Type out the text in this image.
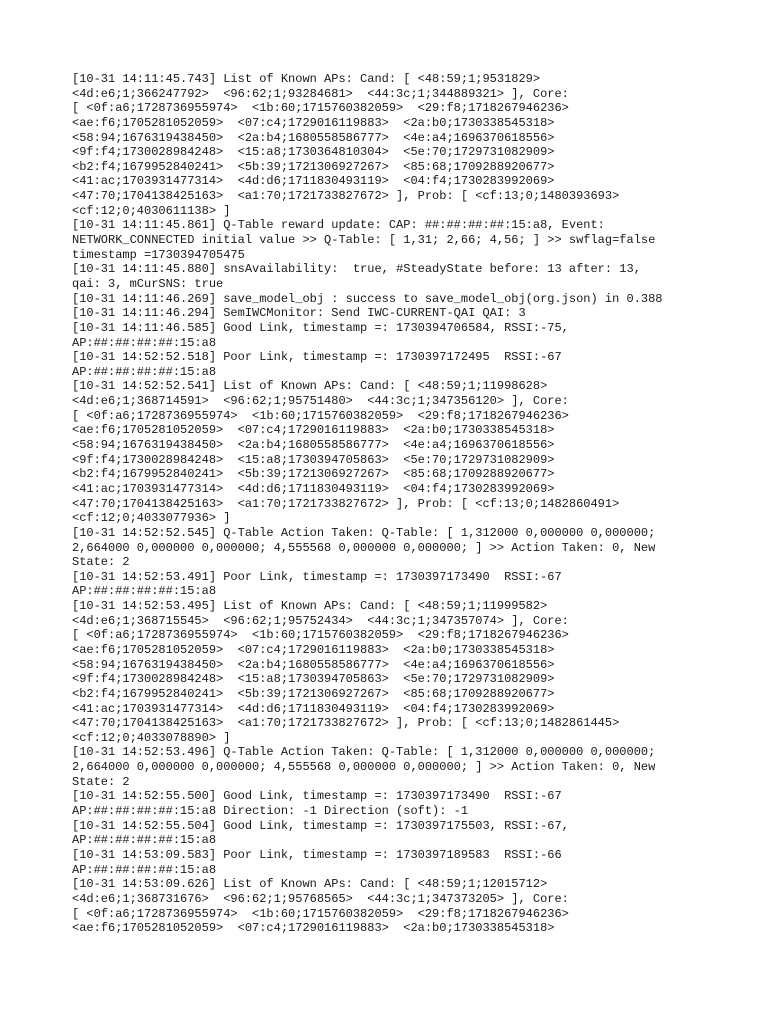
[10-31 14:11:45.743] List of Known APs: Cand: [ <48:59;1;9531829>
<4d:e6;1;366247792>  <96:62;1;93284681>  <44:3c;1;344889321> ], Core:
[ <0f:a6;1728736955974>  <1b:60;1715760382059>  <29:f8;1718267946236>
<ae:f6;1705281052059>  <07:c4;1729016119883>  <2a:b0;1730338545318>
<58:94;1676319438450>  <2a:b4;1680558586777>  <4e:a4;1696370618556>
<9f:f4;1730028984248>  <15:a8;1730364810304>  <5e:70;1729731082909>
<b2:f4;1679952840241>  <5b:39;1721306927267>  <85:68;1709288920677>
<41:ac;1703931477314>  <4d:d6;1711830493119>  <04:f4;1730283992069>
<47:70;1704138425163>  <a1:70;1721733827672> ], Prob: [ <cf:13;0;1480393693>
<cf:12;0;4030611138> ]
[10-31 14:11:45.861] Q-Table reward update: CAP: ##:##:##:##:15:a8, Event:
NETWORK_CONNECTED initial value >> Q-Table: [ 1,31; 2,66; 4,56; ] >> swflag=false
timestamp =1730394705475
[10-31 14:11:45.880] snsAvailability:  true, #SteadyState before: 13 after: 13,
qai: 3, mCurSNS: true
[10-31 14:11:46.269] save_model_obj : success to save_model_obj(org.json) in 0.388
[10-31 14:11:46.294] SemIWCMonitor: Send IWC-CURRENT-QAI QAI: 3
[10-31 14:11:46.585] Good Link, timestamp =: 1730394706584, RSSI:-75,
AP:##:##:##:##:15:a8
[10-31 14:52:52.518] Poor Link, timestamp =: 1730397172495  RSSI:-67
AP:##:##:##:##:15:a8
[10-31 14:52:52.541] List of Known APs: Cand: [ <48:59;1;11998628>
<4d:e6;1;368714591>  <96:62;1;95751480>  <44:3c;1;347356120> ], Core:
[ <0f:a6;1728736955974>  <1b:60;1715760382059>  <29:f8;1718267946236>
<ae:f6;1705281052059>  <07:c4;1729016119883>  <2a:b0;1730338545318>
<58:94;1676319438450>  <2a:b4;1680558586777>  <4e:a4;1696370618556>
<9f:f4;1730028984248>  <15:a8;1730394705863>  <5e:70;1729731082909>
<b2:f4;1679952840241>  <5b:39;1721306927267>  <85:68;1709288920677>
<41:ac;1703931477314>  <4d:d6;1711830493119>  <04:f4;1730283992069>
<47:70;1704138425163>  <a1:70;1721733827672> ], Prob: [ <cf:13;0;1482860491>
<cf:12;0;4033077936> ]
[10-31 14:52:52.545] Q-Table Action Taken: Q-Table: [ 1,312000 0,000000 0,000000;
2,664000 0,000000 0,000000; 4,555568 0,000000 0,000000; ] >> Action Taken: 0, New
State: 2
[10-31 14:52:53.491] Poor Link, timestamp =: 1730397173490  RSSI:-67
AP:##:##:##:##:15:a8
[10-31 14:52:53.495] List of Known APs: Cand: [ <48:59;1;11999582>
<4d:e6;1;368715545>  <96:62;1;95752434>  <44:3c;1;347357074> ], Core:
[ <0f:a6;1728736955974>  <1b:60;1715760382059>  <29:f8;1718267946236>
<ae:f6;1705281052059>  <07:c4;1729016119883>  <2a:b0;1730338545318>
<58:94;1676319438450>  <2a:b4;1680558586777>  <4e:a4;1696370618556>
<9f:f4;1730028984248>  <15:a8;1730394705863>  <5e:70;1729731082909>
<b2:f4;1679952840241>  <5b:39;1721306927267>  <85:68;1709288920677>
<41:ac;1703931477314>  <4d:d6;1711830493119>  <04:f4;1730283992069>
<47:70;1704138425163>  <a1:70;1721733827672> ], Prob: [ <cf:13;0;1482861445>
<cf:12;0;4033078890> ]
[10-31 14:52:53.496] Q-Table Action Taken: Q-Table: [ 1,312000 0,000000 0,000000;
2,664000 0,000000 0,000000; 4,555568 0,000000 0,000000; ] >> Action Taken: 0, New
State: 2
[10-31 14:52:55.500] Good Link, timestamp =: 1730397173490  RSSI:-67
AP:##:##:##:##:15:a8 Direction: -1 Direction (soft): -1
[10-31 14:52:55.504] Good Link, timestamp =: 1730397175503, RSSI:-67,
AP:##:##:##:##:15:a8
[10-31 14:53:09.583] Poor Link, timestamp =: 1730397189583  RSSI:-66
AP:##:##:##:##:15:a8
[10-31 14:53:09.626] List of Known APs: Cand: [ <48:59;1;12015712>
<4d:e6;1;368731676>  <96:62;1;95768565>  <44:3c;1;347373205> ], Core:
[ <0f:a6;1728736955974>  <1b:60;1715760382059>  <29:f8;1718267946236>
<ae:f6;1705281052059>  <07:c4;1729016119883>  <2a:b0;1730338545318>
